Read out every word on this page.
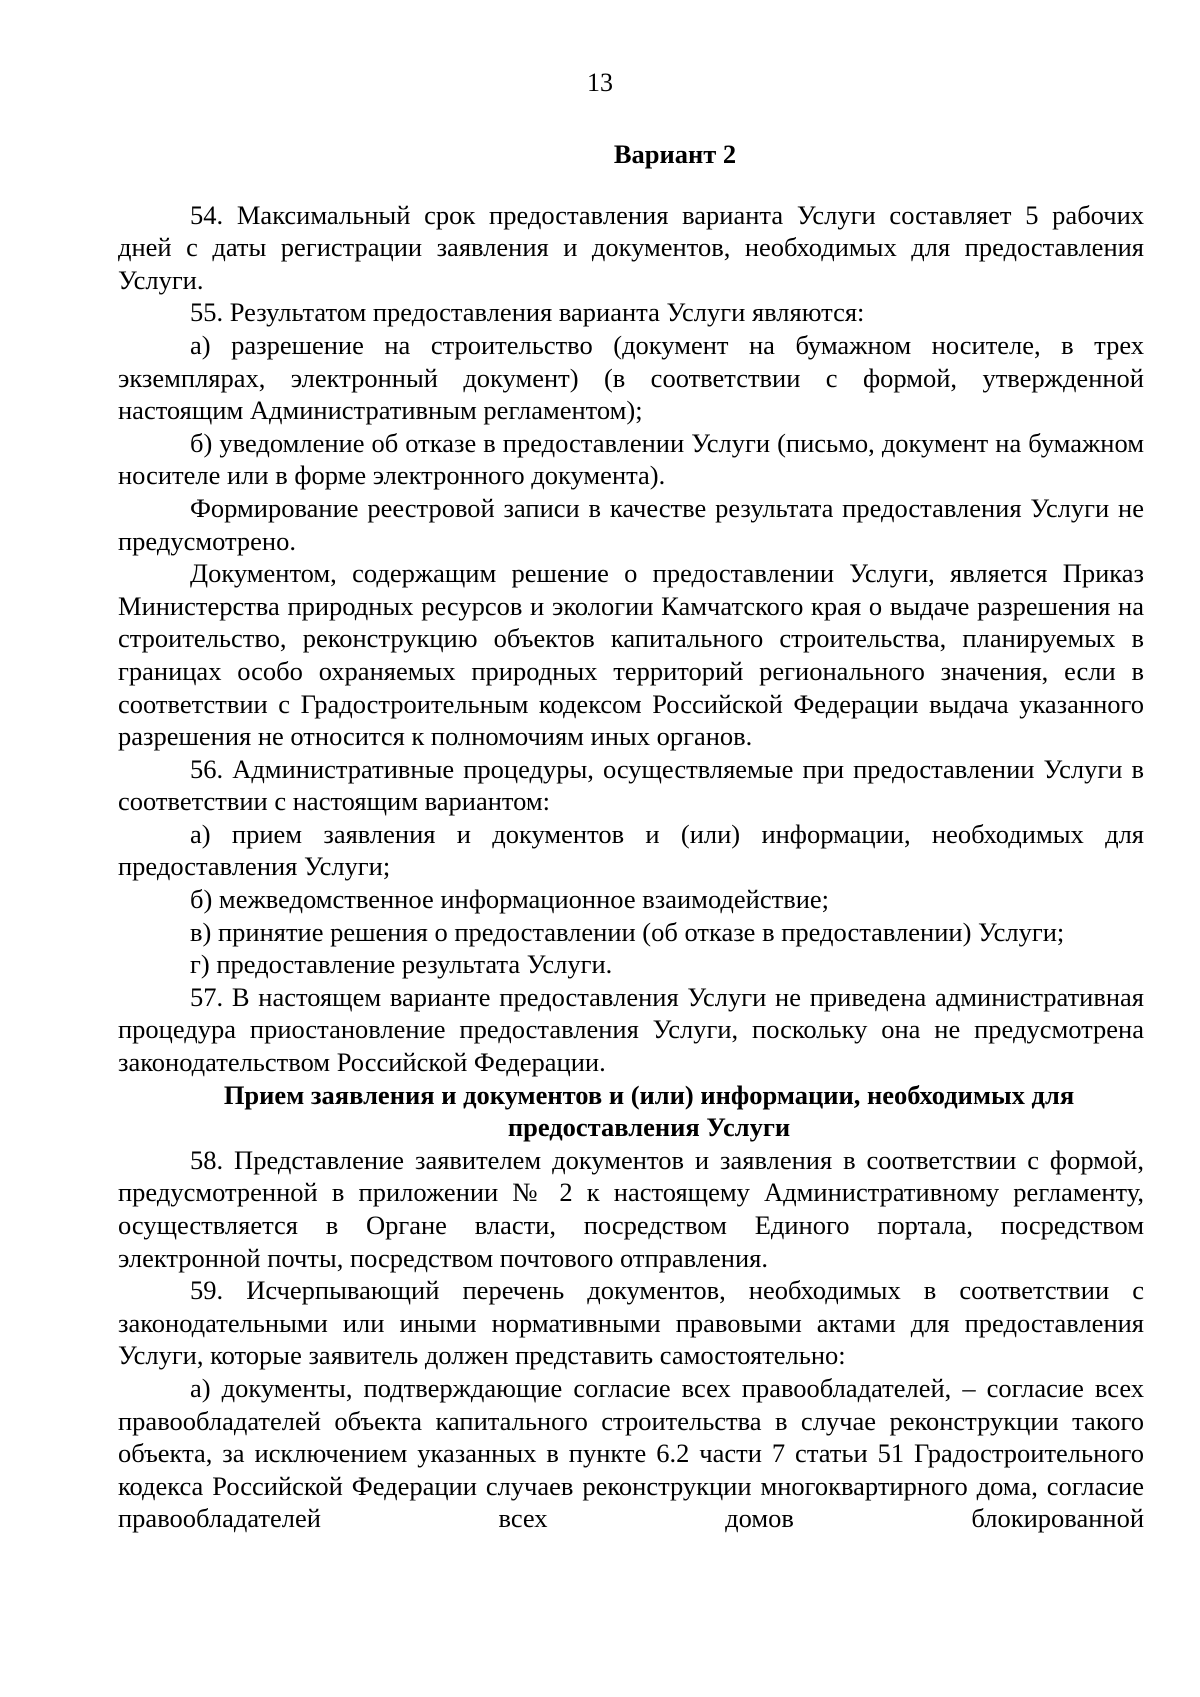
13
Вариант 2

54. Максимальный срок предоставления варианта Услуги составляет 5 рабочих дней с даты регистрации заявления и документов, необходимых для предоставления Услуги.

55. Результатом предоставления варианта Услуги являются:

а) разрешение на строительство (документ на бумажном носителе, в трех экземплярах, электронный документ) (в соответствии с формой, утвержденной настоящим Административным регламентом);

б) уведомление об отказе в предоставлении Услуги (письмо, документ на бумажном носителе или в форме электронного документа).

Формирование реестровой записи в качестве результата предоставления Услуги не предусмотрено.

Документом, содержащим решение о предоставлении Услуги, является Приказ Министерства природных ресурсов и экологии Камчатского края о выдаче разрешения на строительство, реконструкцию объектов капитального строительства, планируемых в границах особо охраняемых природных территорий регионального значения, если в соответствии с Градостроительным кодексом Российской Федерации выдача указанного разрешения не относится к полномочиям иных органов.

56. Административные процедуры, осуществляемые при предоставлении Услуги в соответствии с настоящим вариантом:

а) прием заявления и документов и (или) информации, необходимых для предоставления Услуги;

б) межведомственное информационное взаимодействие;

в) принятие решения о предоставлении (об отказе в предоставлении) Услуги;

г) предоставление результата Услуги.

57. В настоящем варианте предоставления Услуги не приведена административная процедура приостановление предоставления Услуги, поскольку она не предусмотрена законодательством Российской Федерации.

Прием заявления и документов и (или) информации, необходимых для
предоставления Услуги

58. Представление заявителем документов и заявления в соответствии с формой, предусмотренной в приложении № 2 к настоящему Административному регламенту, осуществляется в Органе власти, посредством Единого портала, посредством электронной почты, посредством почтового отправления.

59. Исчерпывающий перечень документов, необходимых в соответствии с законодательными или иными нормативными правовыми актами для предоставления Услуги, которые заявитель должен представить самостоятельно:

а) документы, подтверждающие согласие всех правообладателей, – согласие всех правообладателей объекта капитального строительства в случае реконструкции такого объекта, за исключением указанных в пункте 6.2 части 7 статьи 51 Градостроительного кодекса Российской Федерации случаев реконструкции многоквартирного дома, согласие правообладателей всех домов блокированной
